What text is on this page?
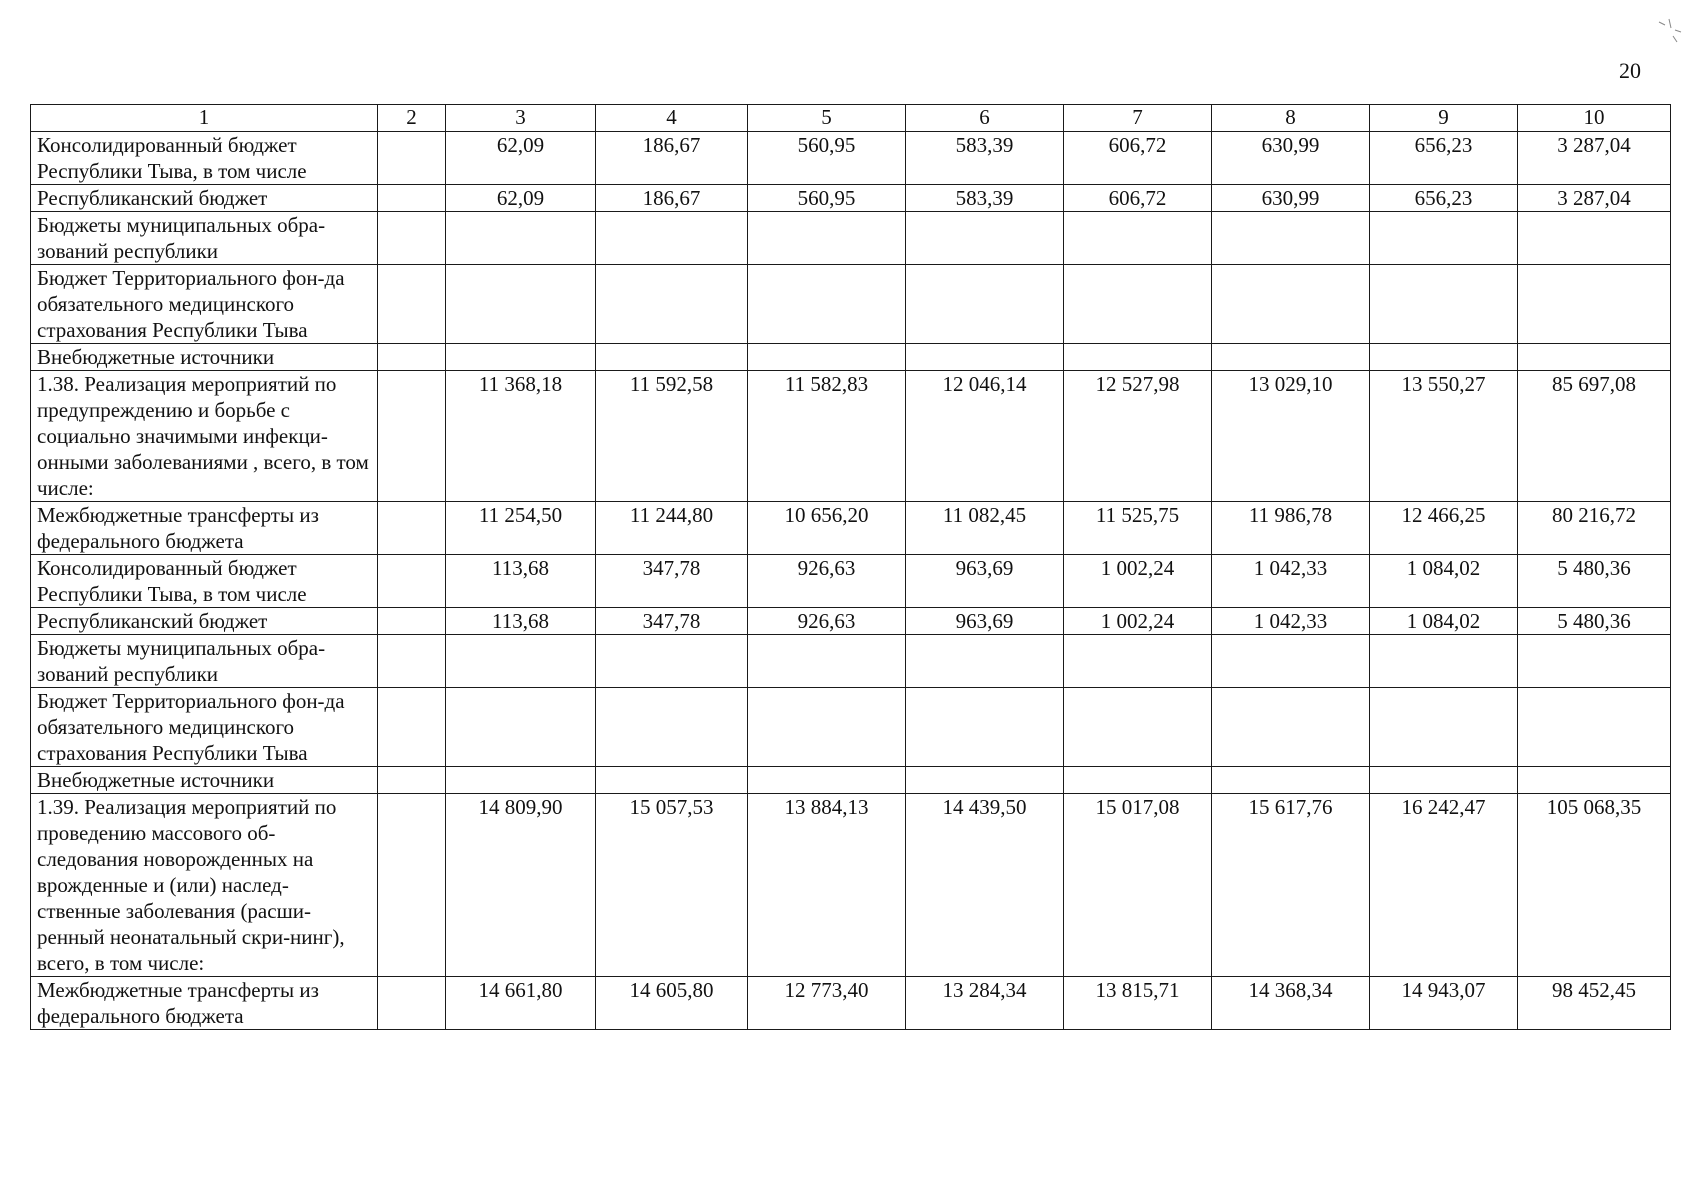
20
1	2	3	4	5	6	7	8	9	10
Консолидированный бюджет Республики Тыва, в том числе		62,09	186,67	560,95	583,39	606,72	630,99	656,23	3 287,04
Республиканский бюджет		62,09	186,67	560,95	583,39	606,72	630,99	656,23	3 287,04
Бюджеты муниципальных обра-зований республики									
Бюджет Территориального фон-да обязательного медицинского страхования Республики Тыва									
Внебюджетные источники									
1.38. Реализация мероприятий по предупреждению и борьбе с социально значимыми инфекци-онными заболеваниями , всего, в том числе:		11 368,18	11 592,58	11 582,83	12 046,14	12 527,98	13 029,10	13 550,27	85 697,08
Межбюджетные трансферты из федерального бюджета		11 254,50	11 244,80	10 656,20	11 082,45	11 525,75	11 986,78	12 466,25	80 216,72
Консолидированный бюджет Республики Тыва, в том числе		113,68	347,78	926,63	963,69	1 002,24	1 042,33	1 084,02	5 480,36
Республиканский бюджет		113,68	347,78	926,63	963,69	1 002,24	1 042,33	1 084,02	5 480,36
Бюджеты муниципальных обра-зований республики									
Бюджет Территориального фон-да обязательного медицинского страхования Республики Тыва									
Внебюджетные источники									
1.39. Реализация мероприятий по проведению массового об-следования новорожденных на врожденные и (или) наслед-ственные заболевания (расши-ренный неонатальный скри-нинг), всего, в том числе:		14 809,90	15 057,53	13 884,13	14 439,50	15 017,08	15 617,76	16 242,47	105 068,35
Межбюджетные трансферты из федерального бюджета		14 661,80	14 605,80	12 773,40	13 284,34	13 815,71	14 368,34	14 943,07	98 452,45
